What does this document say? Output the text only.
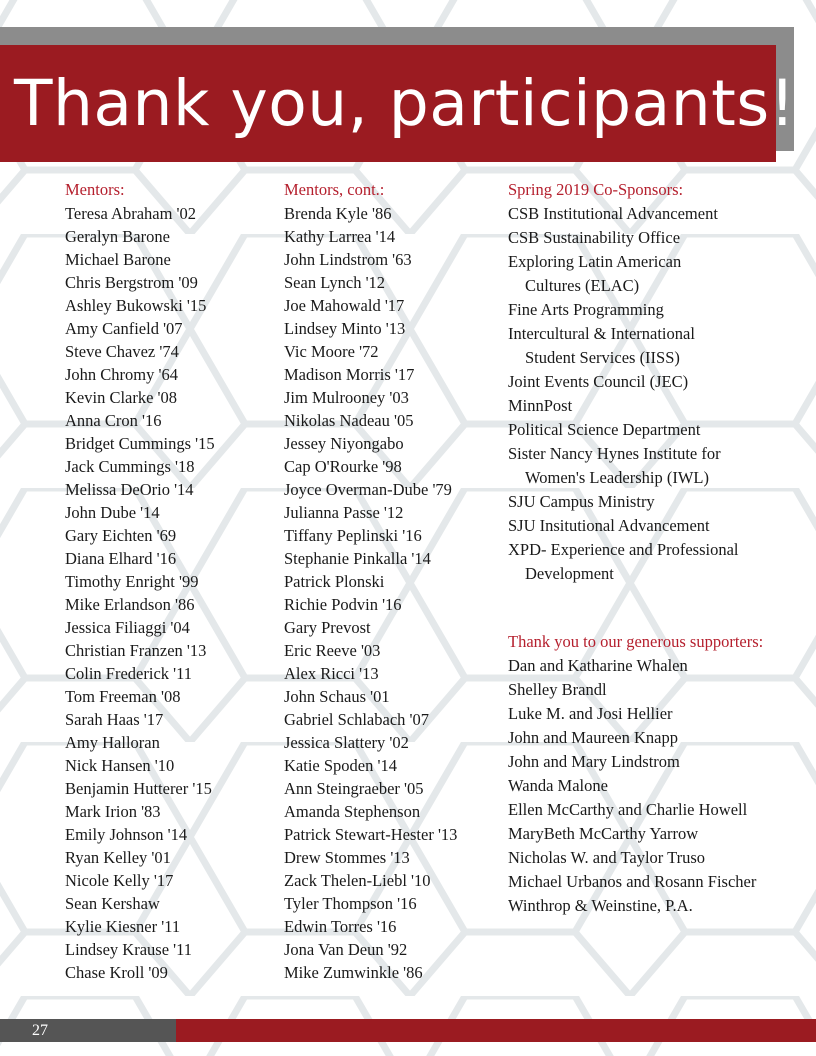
Thank you, participants!
Mentors:
Teresa Abraham '02
Geralyn Barone
Michael Barone
Chris Bergstrom '09
Ashley Bukowski '15
Amy Canfield '07
Steve Chavez '74
John Chromy '64
Kevin Clarke '08
Anna Cron '16
Bridget Cummings '15
Jack Cummings '18
Melissa DeOrio '14
John Dube '14
Gary Eichten '69
Diana Elhard '16
Timothy Enright '99
Mike Erlandson '86
Jessica Filiaggi '04
Christian Franzen '13
Colin Frederick '11
Tom Freeman '08
Sarah Haas '17
Amy Halloran
Nick Hansen '10
Benjamin Hutterer '15
Mark Irion '83
Emily Johnson '14
Ryan Kelley '01
Nicole Kelly '17
Sean Kershaw
Kylie Kiesner '11
Lindsey Krause '11
Chase Kroll '09
Mentors, cont.:
Brenda Kyle '86
Kathy Larrea '14
John Lindstrom '63
Sean Lynch '12
Joe Mahowald '17
Lindsey Minto '13
Vic Moore '72
Madison Morris '17
Jim Mulrooney '03
Nikolas Nadeau '05
Jessey Niyongabo
Cap O'Rourke '98
Joyce Overman-Dube '79
Julianna Passe '12
Tiffany Peplinski '16
Stephanie Pinkalla '14
Patrick Plonski
Richie Podvin '16
Gary Prevost
Eric Reeve '03
Alex Ricci '13
John Schaus '01
Gabriel Schlabach '07
Jessica Slattery '02
Katie Spoden '14
Ann Steingraeber '05
Amanda Stephenson
Patrick Stewart-Hester '13
Drew Stommes '13
Zack Thelen-Liebl '10
Tyler Thompson '16
Edwin Torres '16
Jona Van Deun '92
Mike Zumwinkle '86
Spring 2019 Co-Sponsors:
CSB Institutional Advancement
CSB Sustainability Office
Exploring Latin American
Cultures (ELAC)
Fine Arts Programming
Intercultural & International
Student Services (IISS)
Joint Events Council (JEC)
MinnPost
Political Science Department
Sister Nancy Hynes Institute for
Women's Leadership (IWL)
SJU Campus Ministry
SJU Insitutional Advancement
XPD- Experience and Professional
Development
Thank you to our generous supporters:
Dan and Katharine Whalen
Shelley Brandl
Luke M. and Josi Hellier
John and Maureen Knapp
John and Mary Lindstrom
Wanda Malone
Ellen McCarthy and Charlie Howell
MaryBeth McCarthy Yarrow
Nicholas W. and Taylor Truso
Michael Urbanos and Rosann Fischer
Winthrop & Weinstine, P.A.
27
